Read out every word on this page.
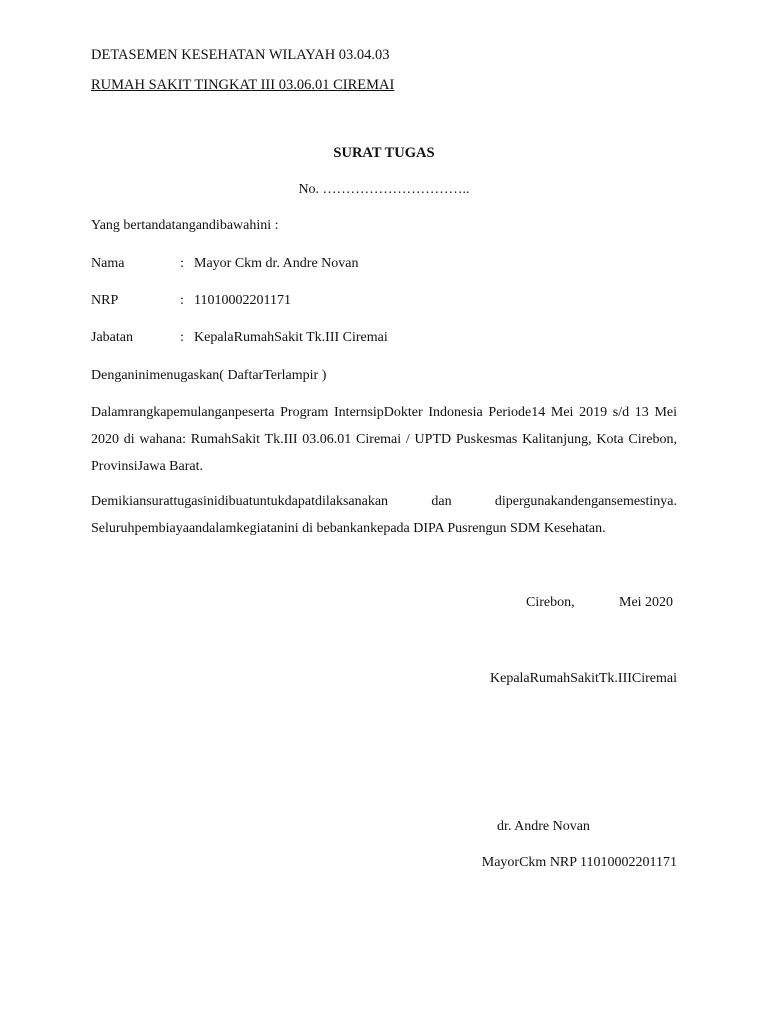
DETASEMEN KESEHATAN WILAYAH 03.04.03
RUMAH SAKIT TINGKAT III 03.06.01 CIREMAI
SURAT TUGAS
No. …………………………..
Yang bertandatangandibawahini :
Nama	: Mayor Ckm dr. Andre Novan
NRP	: 11010002201171
Jabatan	: KepalaRumahSakit Tk.III Ciremai
Denganinimenugaskan( DaftarTerlampir )
Dalamrangkapemulanganpeserta Program InternsipDokter Indonesia Periode14 Mei 2019 s/d 13 Mei 2020 di wahana: RumahSakit Tk.III 03.06.01 Ciremai / UPTD Puskesmas Kalitanjung, Kota Cirebon, ProvinsiJawa Barat.
Demikiansurattugasinidibuatuntukdapatdilaksanakan dan dipergunakandengansemestinya. Seluruhpembiayaandalamkegiatanini di bebankankepada DIPA Pusrengun SDM Kesehatan.
Cirebon,	Mei 2020
KepalaRumahSakitTk.IIICiremai
dr. Andre Novan
MayorCkm NRP 11010002201171
